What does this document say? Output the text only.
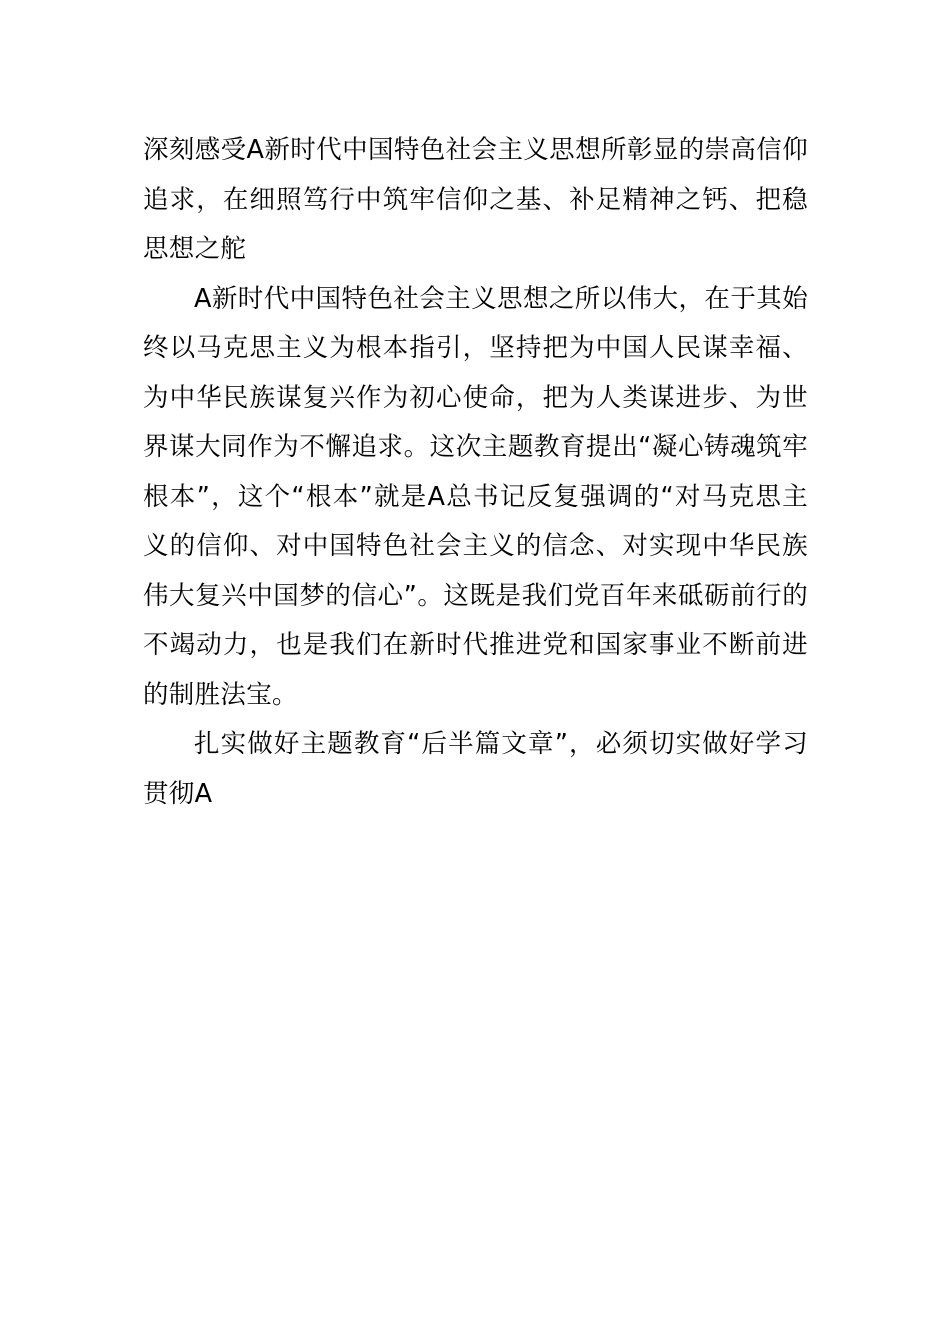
深刻感受A新时代中国特色社会主义思想所彰显的崇高信仰追求，在细照笃行中筑牢信仰之基、补足精神之钙、把稳思想之舵

A新时代中国特色社会主义思想之所以伟大，在于其始终以马克思主义为根本指引，坚持把为中国人民谋幸福、为中华民族谋复兴作为初心使命，把为人类谋进步、为世界谋大同作为不懈追求。这次主题教育提出“凝心铸魂筑牢根本”，这个“根本”就是A总书记反复强调的“对马克思主义的信仰、对中国特色社会主义的信念、对实现中华民族伟大复兴中国梦的信心”。这既是我们党百年来砥砺前行的不竭动力，也是我们在新时代推进党和国家事业不断前进的制胜法宝。

扎实做好主题教育“后半篇文章”，必须切实做好学习贯彻A
